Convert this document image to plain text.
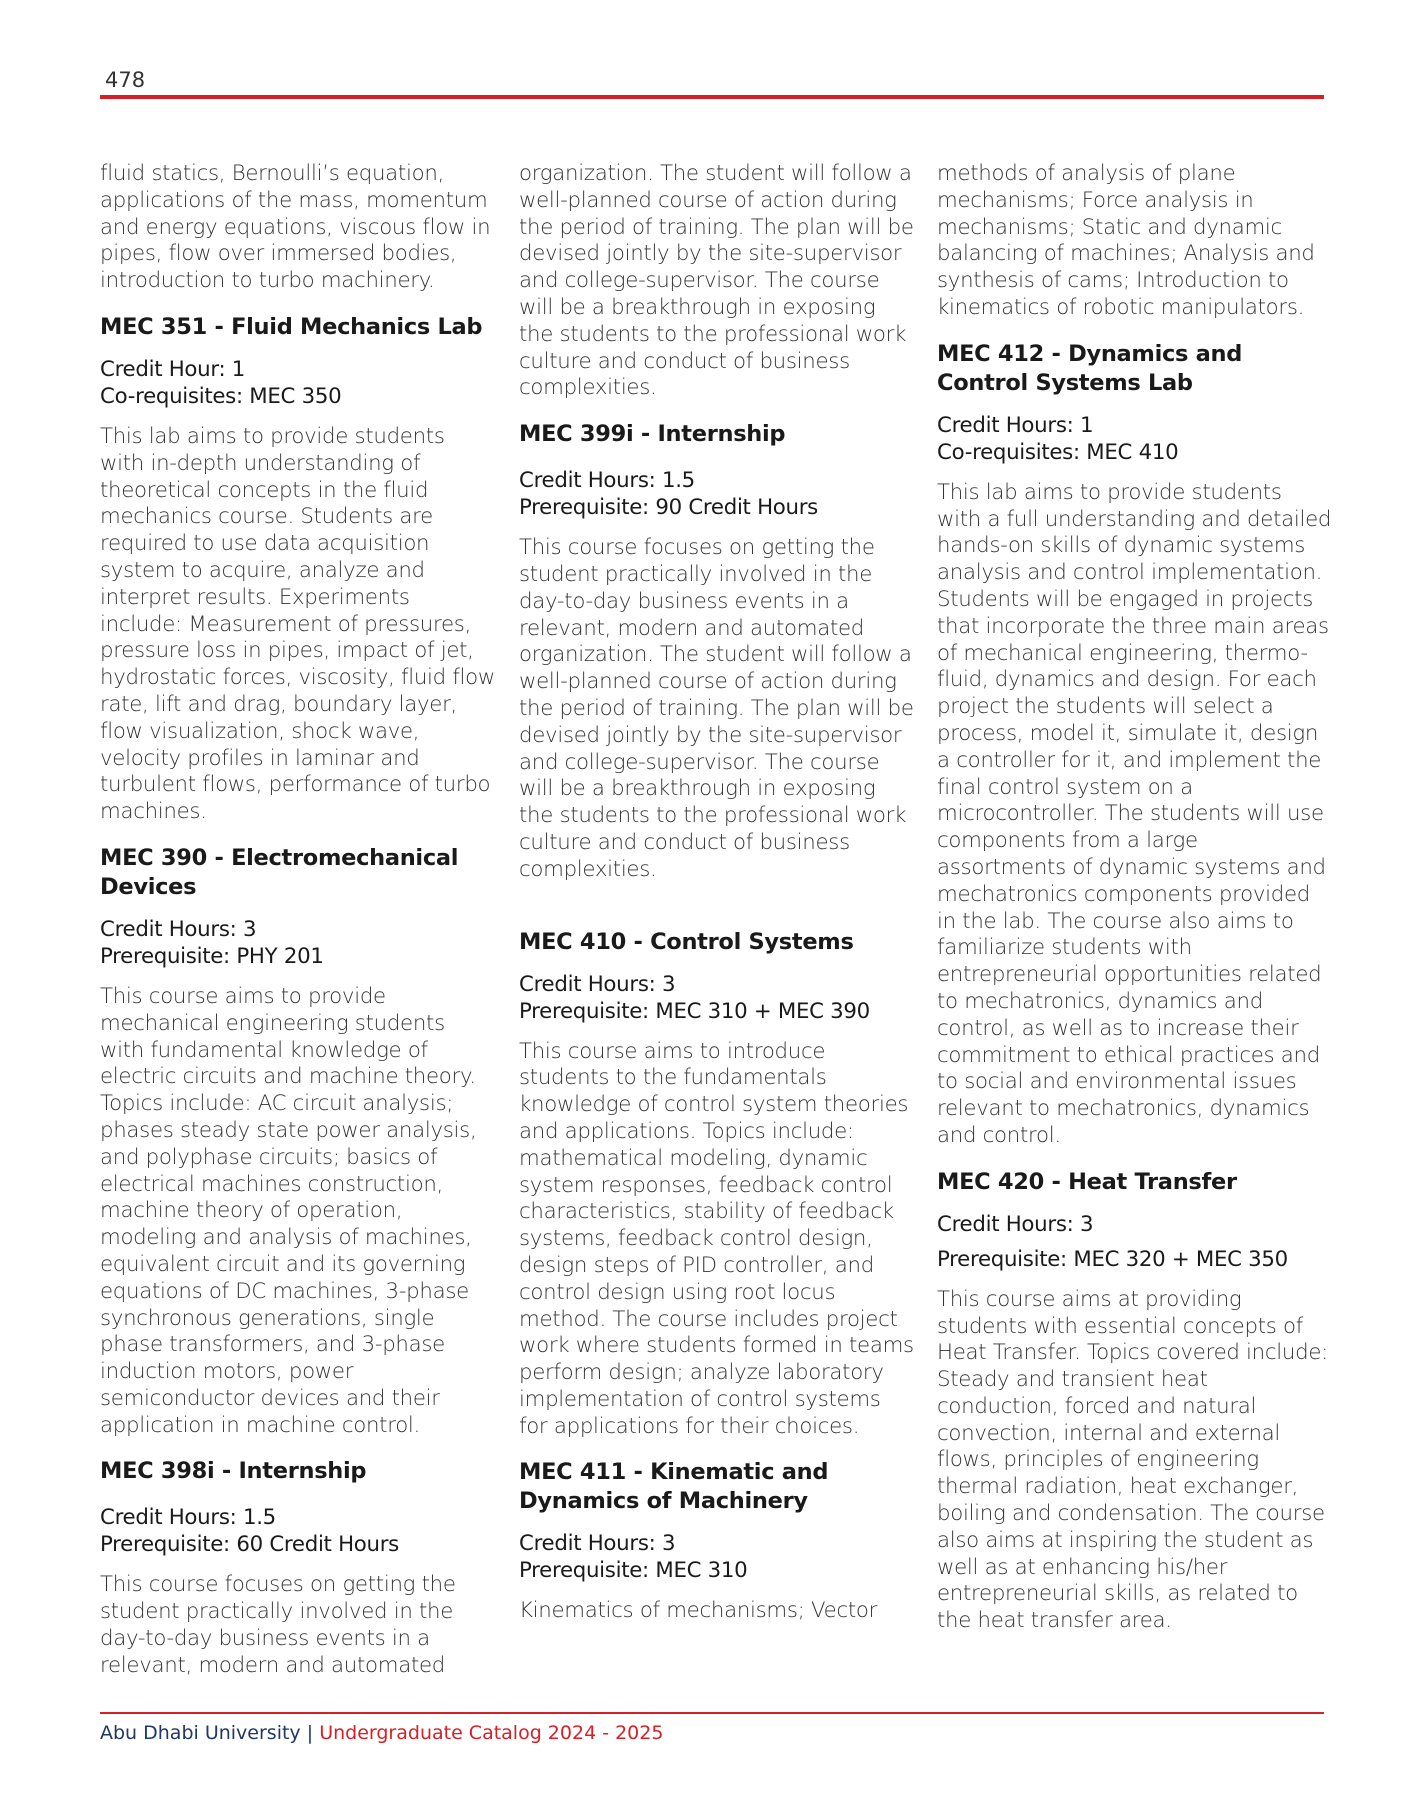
478

fluid statics, Bernoulli’s equation, applications of the mass, momentum and energy equations, viscous flow in pipes, flow over immersed bodies, introduction to turbo machinery.

MEC 351 - Fluid Mechanics Lab

Credit Hour: 1
Co-requisites: MEC 350

This lab aims to provide students with in-depth understanding of theoretical concepts in the fluid mechanics course. Students are required to use data acquisition system to acquire, analyze and interpret results. Experiments include: Measurement of pressures, pressure loss in pipes, impact of jet, hydrostatic forces, viscosity, fluid flow rate, lift and drag, boundary layer, flow visualization, shock wave, velocity profiles in laminar and turbulent flows, performance of turbo machines.

MEC 390 - Electromechanical Devices

Credit Hours: 3
Prerequisite: PHY 201

This course aims to provide mechanical engineering students with fundamental knowledge of electric circuits and machine theory. Topics include: AC circuit analysis; phases steady state power analysis, and polyphase circuits; basics of electrical machines construction, machine theory of operation, modeling and analysis of machines, equivalent circuit and its governing equations of DC machines, 3-phase synchronous generations, single phase transformers, and 3-phase induction motors, power semiconductor devices and their application in machine control.

MEC 398i - Internship

Credit Hours: 1.5
Prerequisite: 60 Credit Hours

This course focuses on getting the student practically involved in the day-to-day business events in a relevant, modern and automated

organization. The student will follow a well-planned course of action during the period of training. The plan will be devised jointly by the site-supervisor and college-supervisor. The course will be a breakthrough in exposing the students to the professional work culture and conduct of business complexities.

MEC 399i - Internship

Credit Hours: 1.5
Prerequisite: 90 Credit Hours

This course focuses on getting the student practically involved in the day-to-day business events in a relevant, modern and automated organization. The student will follow a well-planned course of action during the period of training. The plan will be devised jointly by the site-supervisor and college-supervisor. The course will be a breakthrough in exposing the students to the professional work culture and conduct of business complexities.

MEC 410 - Control Systems

Credit Hours: 3
Prerequisite: MEC 310 + MEC 390

This course aims to introduce students to the fundamentals knowledge of control system theories and applications. Topics include: mathematical modeling, dynamic system responses, feedback control characteristics, stability of feedback systems, feedback control design, design steps of PID controller, and control design using root locus method. The course includes project work where students formed in teams perform design; analyze laboratory implementation of control systems for applications for their choices.

MEC 411 - Kinematic and Dynamics of Machinery

Credit Hours: 3
Prerequisite: MEC 310

Kinematics of mechanisms; Vector

methods of analysis of plane mechanisms; Force analysis in mechanisms; Static and dynamic balancing of machines; Analysis and synthesis of cams; Introduction to kinematics of robotic manipulators.

MEC 412 - Dynamics and Control Systems Lab

Credit Hours: 1
Co-requisites: MEC 410

This lab aims to provide students with a full understanding and detailed hands-on skills of dynamic systems analysis and control implementation. Students will be engaged in projects that incorporate the three main areas of mechanical engineering, thermo- fluid, dynamics and design. For each project the students will select a process, model it, simulate it, design a controller for it, and implement the final control system on a microcontroller. The students will use components from a large assortments of dynamic systems and mechatronics components provided in the lab. The course also aims to familiarize students with entrepreneurial opportunities related to mechatronics, dynamics and control, as well as to increase their commitment to ethical practices and to social and environmental issues relevant to mechatronics, dynamics and control.

MEC 420 - Heat Transfer

Credit Hours: 3
Prerequisite: MEC 320 + MEC 350

This course aims at providing students with essential concepts of Heat Transfer. Topics covered include: Steady and transient heat conduction, forced and natural convection, internal and external flows, principles of engineering thermal radiation, heat exchanger, boiling and condensation. The course also aims at inspiring the student as well as at enhancing his/her entrepreneurial skills, as related to the heat transfer area.

Abu Dhabi University | Undergraduate Catalog 2024 - 2025
